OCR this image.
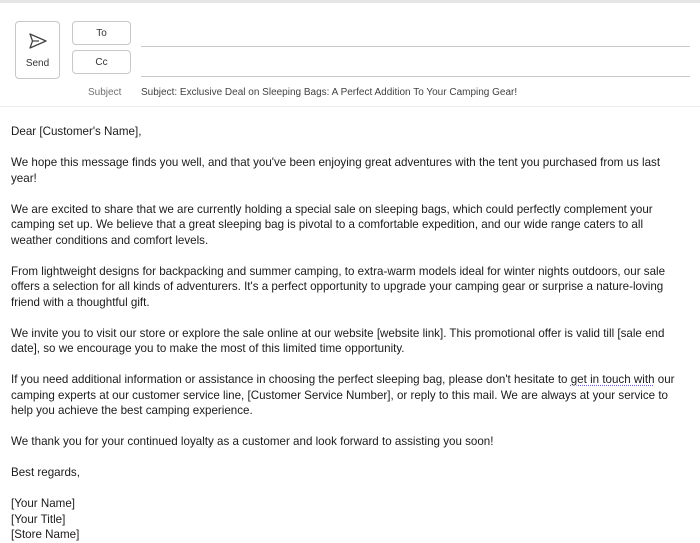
Send
To
Cc
Subject Subject: Exclusive Deal on Sleeping Bags: A Perfect Addition To Your Camping Gear!

Dear [Customer's Name],

We hope this message finds you well, and that you've been enjoying great adventures with the tent you purchased from us last year!

We are excited to share that we are currently holding a special sale on sleeping bags, which could perfectly complement your camping set up. We believe that a great sleeping bag is pivotal to a comfortable expedition, and our wide range caters to all weather conditions and comfort levels.

From lightweight designs for backpacking and summer camping, to extra-warm models ideal for winter nights outdoors, our sale offers a selection for all kinds of adventurers. It's a perfect opportunity to upgrade your camping gear or surprise a nature-loving friend with a thoughtful gift.

We invite you to visit our store or explore the sale online at our website [website link]. This promotional offer is valid till [sale end date], so we encourage you to make the most of this limited time opportunity.

If you need additional information or assistance in choosing the perfect sleeping bag, please don't hesitate to get in touch with our camping experts at our customer service line, [Customer Service Number], or reply to this mail. We are always at your service to help you achieve the best camping experience.

We thank you for your continued loyalty as a customer and look forward to assisting you soon!

Best regards,

[Your Name]

[Your Title]

[Store Name]
